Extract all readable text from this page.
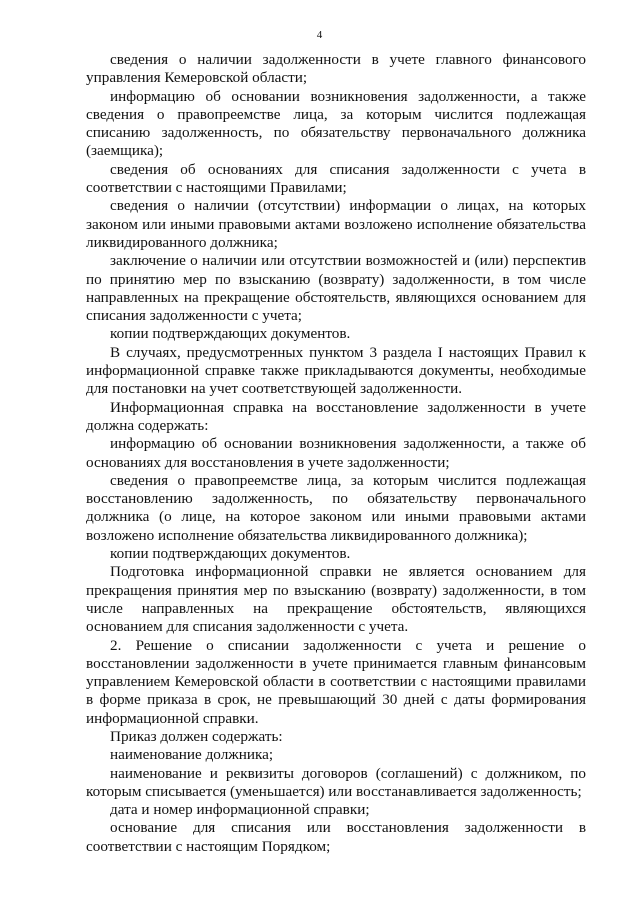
4

сведения о наличии задолженности в учете главного финансового управления Кемеровской области;

информацию об основании возникновения задолженности, а также сведения о правопреемстве лица, за которым числится подлежащая списанию задолженность, по обязательству первоначального должника (заемщика);

сведения об основаниях для списания задолженности с учета в соответствии с настоящими Правилами;

сведения о наличии (отсутствии) информации о лицах, на которых законом или иными правовыми актами возложено исполнение обязательства ликвидированного должника;

заключение о наличии или отсутствии возможностей и (или) перспектив по принятию мер по взысканию (возврату) задолженности, в том числе направленных на прекращение обстоятельств, являющихся основанием для списания задолженности с учета;

копии подтверждающих документов.

В случаях, предусмотренных пунктом 3 раздела I настоящих Правил к информационной справке также прикладываются документы, необходимые для постановки на учет соответствующей задолженности.

Информационная справка на восстановление задолженности в учете должна содержать:

информацию об основании возникновения задолженности, а также об основаниях для восстановления в учете задолженности;

сведения о правопреемстве лица, за которым числится подлежащая восстановлению задолженность, по обязательству первоначального должника (о лице, на которое законом или иными правовыми актами возложено исполнение обязательства ликвидированного должника);

копии подтверждающих документов.

Подготовка информационной справки не является основанием для прекращения принятия мер по взысканию (возврату) задолженности, в том числе направленных на прекращение обстоятельств, являющихся основанием для списания задолженности с учета.

2. Решение о списании задолженности с учета и решение о восстановлении задолженности в учете принимается главным финансовым управлением Кемеровской области в соответствии с настоящими правилами в форме приказа в срок, не превышающий 30 дней с даты формирования информационной справки.

Приказ должен содержать:

наименование должника;

наименование и реквизиты договоров (соглашений) с должником, по которым списывается (уменьшается) или восстанавливается задолженность;

дата и номер информационной справки;

основание для списания или восстановления задолженности в соответствии с настоящим Порядком;
